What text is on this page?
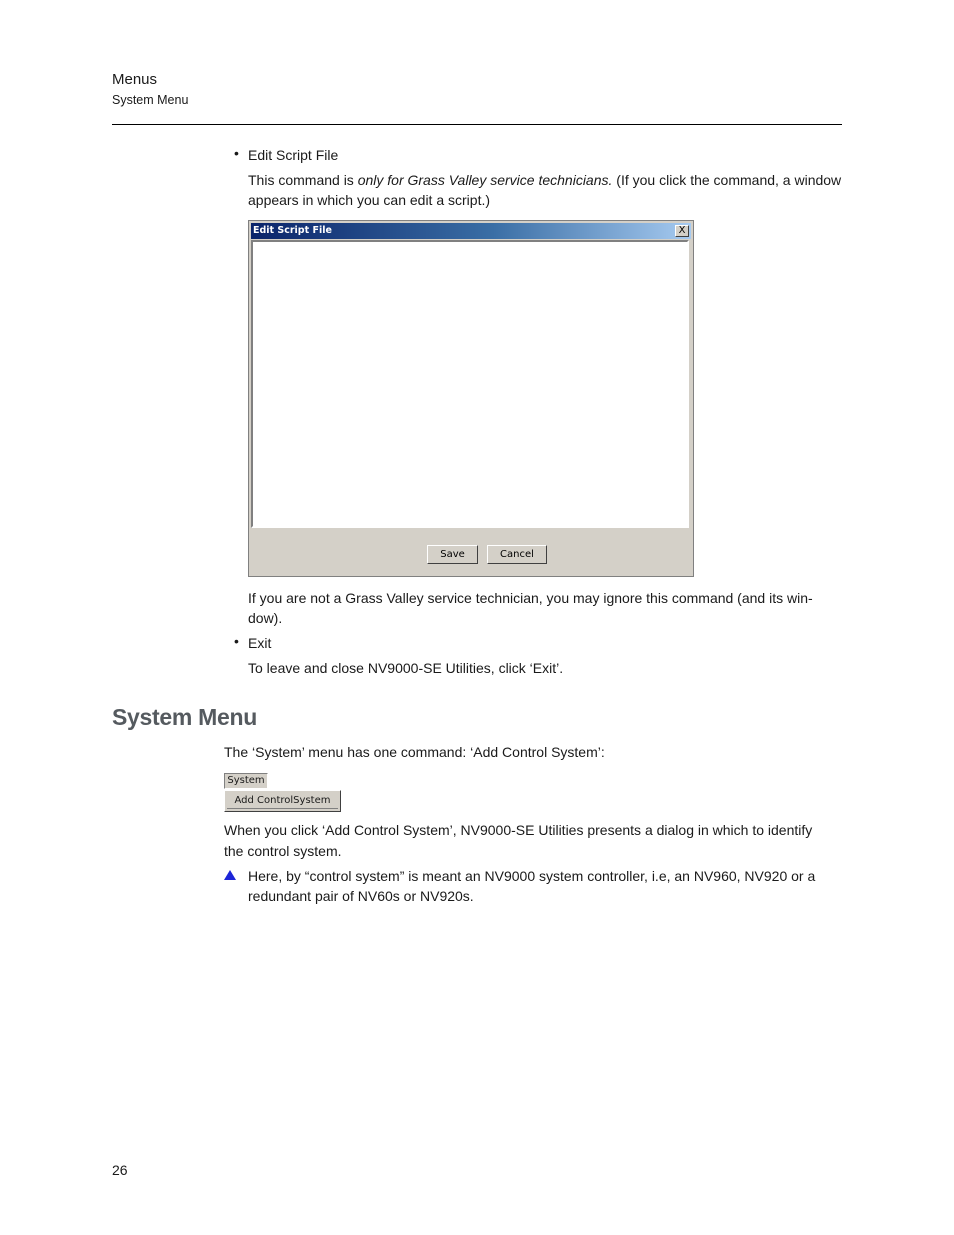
Menus
System Menu
• Edit Script File
This command is only for Grass Valley service technicians. (If you click the command, a window
appears in which you can edit a script.)
Edit Script File	X
Save	Cancel
If you are not a Grass Valley service technician, you may ignore this command (and its win-
dow).
• Exit
To leave and close NV9000-SE Utilities, click ‘Exit’.
System Menu
The ‘System’ menu has one command: ‘Add Control System’:
System
Add ControlSystem
When you click ‘Add Control System’, NV9000-SE Utilities presents a dialog in which to identify
the control system.
Here, by “control system” is meant an NV9000 system controller, i.e, an NV960, NV920 or a
redundant pair of NV60s or NV920s.
26
